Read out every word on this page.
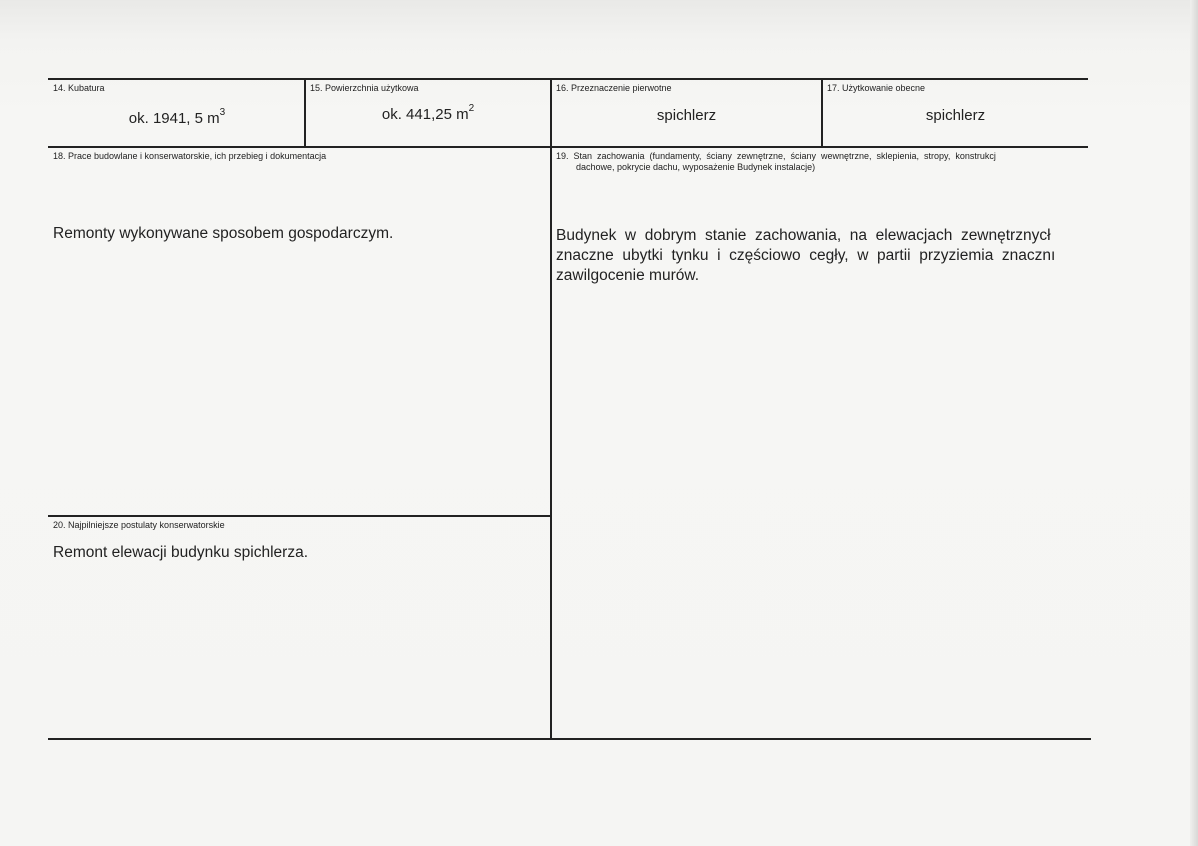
14. Kubatura
ok. 1941, 5 $m^3$
15. Powierzchnia użytkowa
ok. 441,25 $m^2$
16. Przeznaczenie pierwotne
spichlerz
17. Użytkowanie obecne
spichlerz
18. Prace budowlane i konserwatorskie, ich przebieg i dokumentacja
Remonty wykonywane sposobem gospodarczym.
19.  Stan  zachowania  (fundamenty,  ściany  zewnętrzne,  ściany  wewnętrzne,  sklepienia,  stropy,  konstrukcj
dachowe, pokrycie dachu, wyposażenie Budynek instalacje)
Budynek  w  dobrym  stanie  zachowania,  na  elewacjach  zewnętrznycł
znaczne  ubytki  tynku  i  częściowo  cegły,  w  partii  przyziemia  znacznı
zawilgocenie murów.
20. Najpilniejsze postulaty konserwatorskie
Remont elewacji budynku spichlerza.
